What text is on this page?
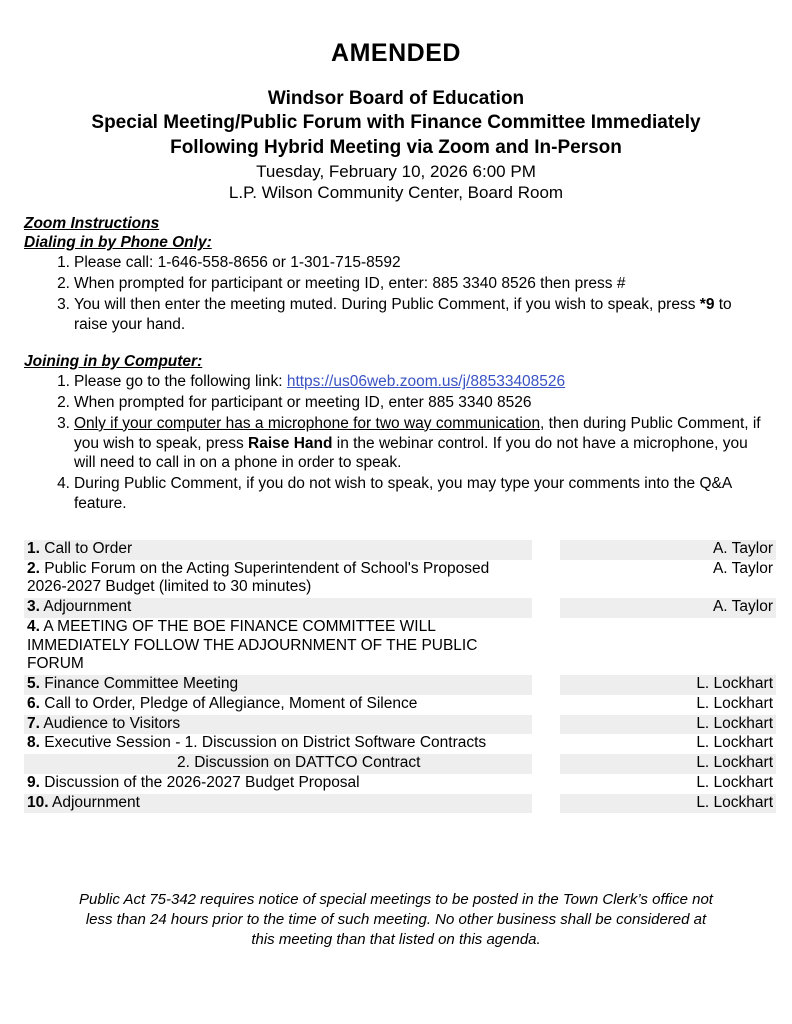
AMENDED
Windsor Board of Education
Special Meeting/Public Forum with Finance Committee Immediately
Following Hybrid Meeting via Zoom and In-Person
Tuesday, February 10, 2026 6:00 PM
L.P. Wilson Community Center, Board Room
Zoom Instructions
Dialing in by Phone Only:
1. Please call: 1-646-558-8656 or 1-301-715-8592
2. When prompted for participant or meeting ID, enter: 885 3340 8526 then press #
3. You will then enter the meeting muted. During Public Comment, if you wish to speak, press *9 to raise your hand.
Joining in by Computer:
1. Please go to the following link: https://us06web.zoom.us/j/88533408526
2. When prompted for participant or meeting ID, enter 885 3340 8526
3. Only if your computer has a microphone for two way communication, then during Public Comment, if you wish to speak, press Raise Hand in the webinar control. If you do not have a microphone, you will need to call in on a phone in order to speak.
4. During Public Comment, if you do not wish to speak, you may type your comments into the Q&A feature.
1. Call to Order		A. Taylor
2. Public Forum on the Acting Superintendent of School's Proposed 2026-2027 Budget (limited to 30 minutes)		A. Taylor
3. Adjournment		A. Taylor
4. A MEETING OF THE BOE FINANCE COMMITTEE WILL IMMEDIATELY FOLLOW THE ADJOURNMENT OF THE PUBLIC FORUM		
5. Finance Committee Meeting		L. Lockhart
6. Call to Order, Pledge of Allegiance, Moment of Silence		L. Lockhart
7. Audience to Visitors		L. Lockhart
8. Executive Session - 1. Discussion on District Software Contracts		L. Lockhart
2. Discussion on DATTCO Contract		L. Lockhart
9. Discussion of the 2026-2027 Budget Proposal		L. Lockhart
10. Adjournment		L. Lockhart
Public Act 75-342 requires notice of special meetings to be posted in the Town Clerk’s office not less than 24 hours prior to the time of such meeting. No other business shall be considered at this meeting than that listed on this agenda.
